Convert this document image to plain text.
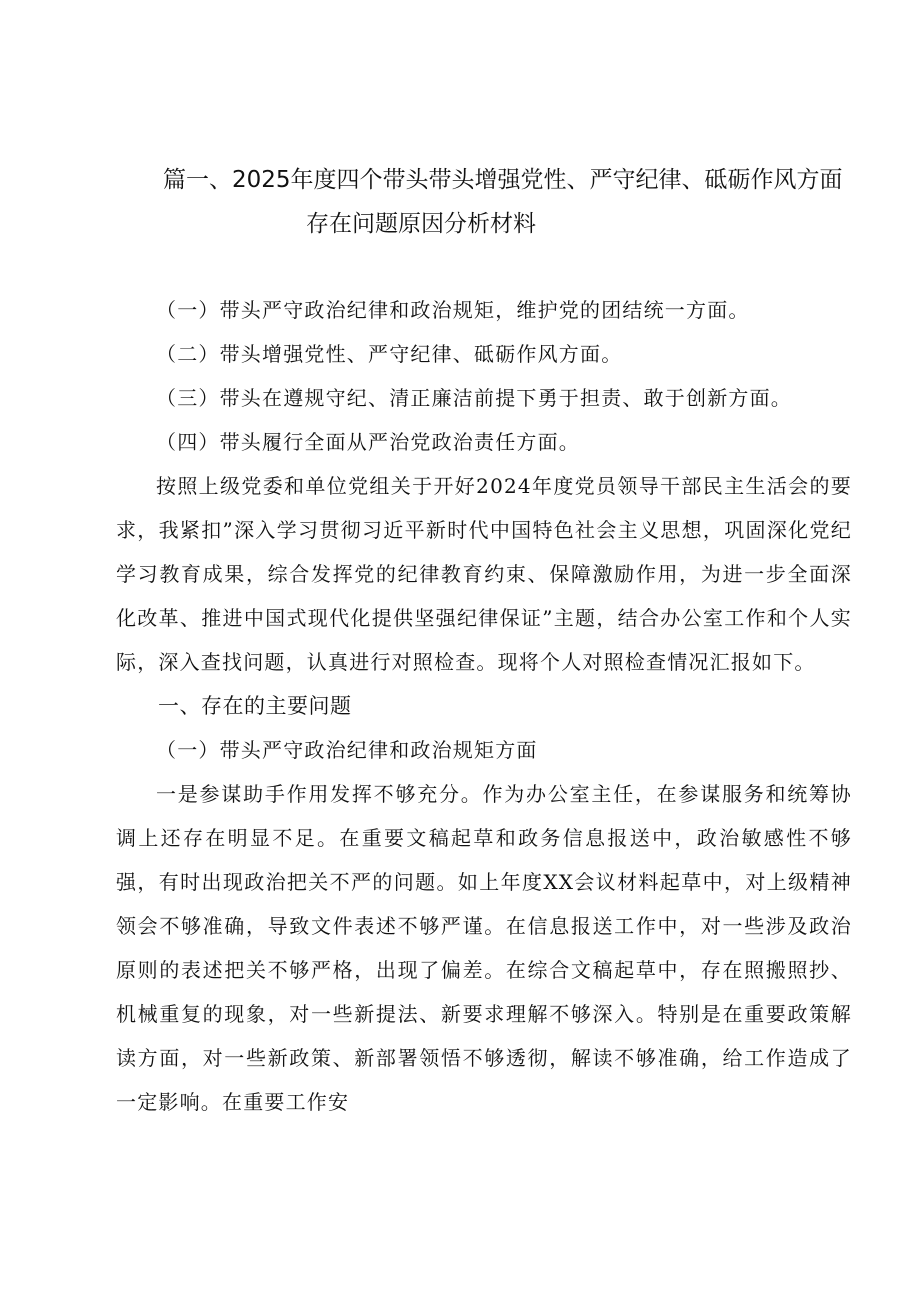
篇一、2025年度四个带头带头增强党性、严守纪律、砥砺作风方面
存在问题原因分析材料

（一）带头严守政治纪律和政治规矩，维护党的团结统一方面。

（二）带头增强党性、严守纪律、砥砺作风方面。

（三）带头在遵规守纪、清正廉洁前提下勇于担责、敢于创新方面。

（四）带头履行全面从严治党政治责任方面。

按照上级党委和单位党组关于开好2024年度党员领导干部民主生活会的要求，我紧扣”深入学习贯彻习近平新时代中国特色社会主义思想，巩固深化党纪学习教育成果，综合发挥党的纪律教育约束、保障激励作用，为进一步全面深化改革、推进中国式现代化提供坚强纪律保证”主题，结合办公室工作和个人实际，深入查找问题，认真进行对照检查。现将个人对照检查情况汇报如下。

一、存在的主要问题

（一）带头严守政治纪律和政治规矩方面

一是参谋助手作用发挥不够充分。作为办公室主任，在参谋服务和统筹协调上还存在明显不足。在重要文稿起草和政务信息报送中，政治敏感性不够强，有时出现政治把关不严的问题。如上年度XX会议材料起草中，对上级精神领会不够准确，导致文件表述不够严谨。在信息报送工作中，对一些涉及政治原则的表述把关不够严格，出现了偏差。在综合文稿起草中，存在照搬照抄、机械重复的现象，对一些新提法、新要求理解不够深入。特别是在重要政策解读方面，对一些新政策、新部署领悟不够透彻，解读不够准确，给工作造成了一定影响。在重要工作安
